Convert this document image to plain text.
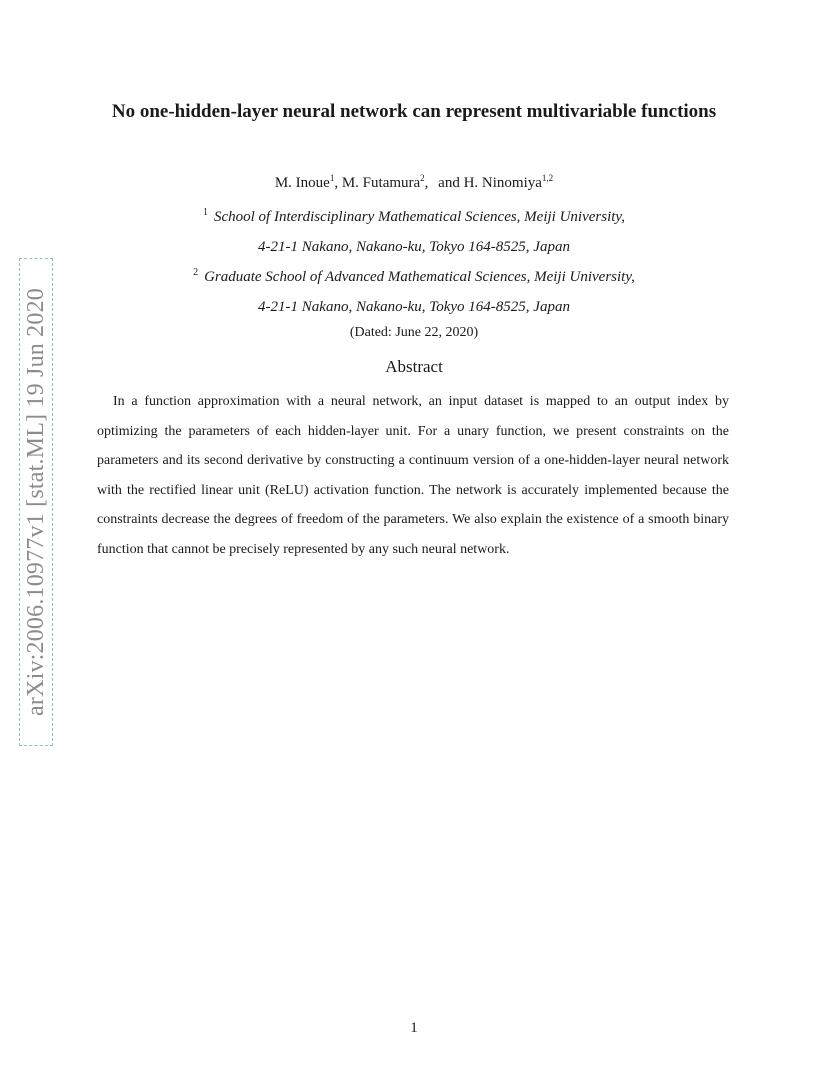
arXiv:2006.10977v1 [stat.ML] 19 Jun 2020
No one-hidden-layer neural network can represent multivariable functions
M. Inoue$^1$, M. Futamura$^2$, and H. Ninomiya$^{1,2}$
$^1$ School of Interdisciplinary Mathematical Sciences, Meiji University,
4-21-1 Nakano, Nakano-ku, Tokyo 164-8525, Japan
$^2$ Graduate School of Advanced Mathematical Sciences, Meiji University,
4-21-1 Nakano, Nakano-ku, Tokyo 164-8525, Japan
(Dated: June 22, 2020)
Abstract

In a function approximation with a neural network, an input dataset is mapped to an output index by optimizing the parameters of each hidden-layer unit. For a unary function, we present constraints on the parameters and its second derivative by constructing a continuum version of a one-hidden-layer neural network with the rectified linear unit (ReLU) activation function. The network is accurately implemented because the constraints decrease the degrees of freedom of the parameters. We also explain the existence of a smooth binary function that cannot be precisely represented by any such neural network.

1
